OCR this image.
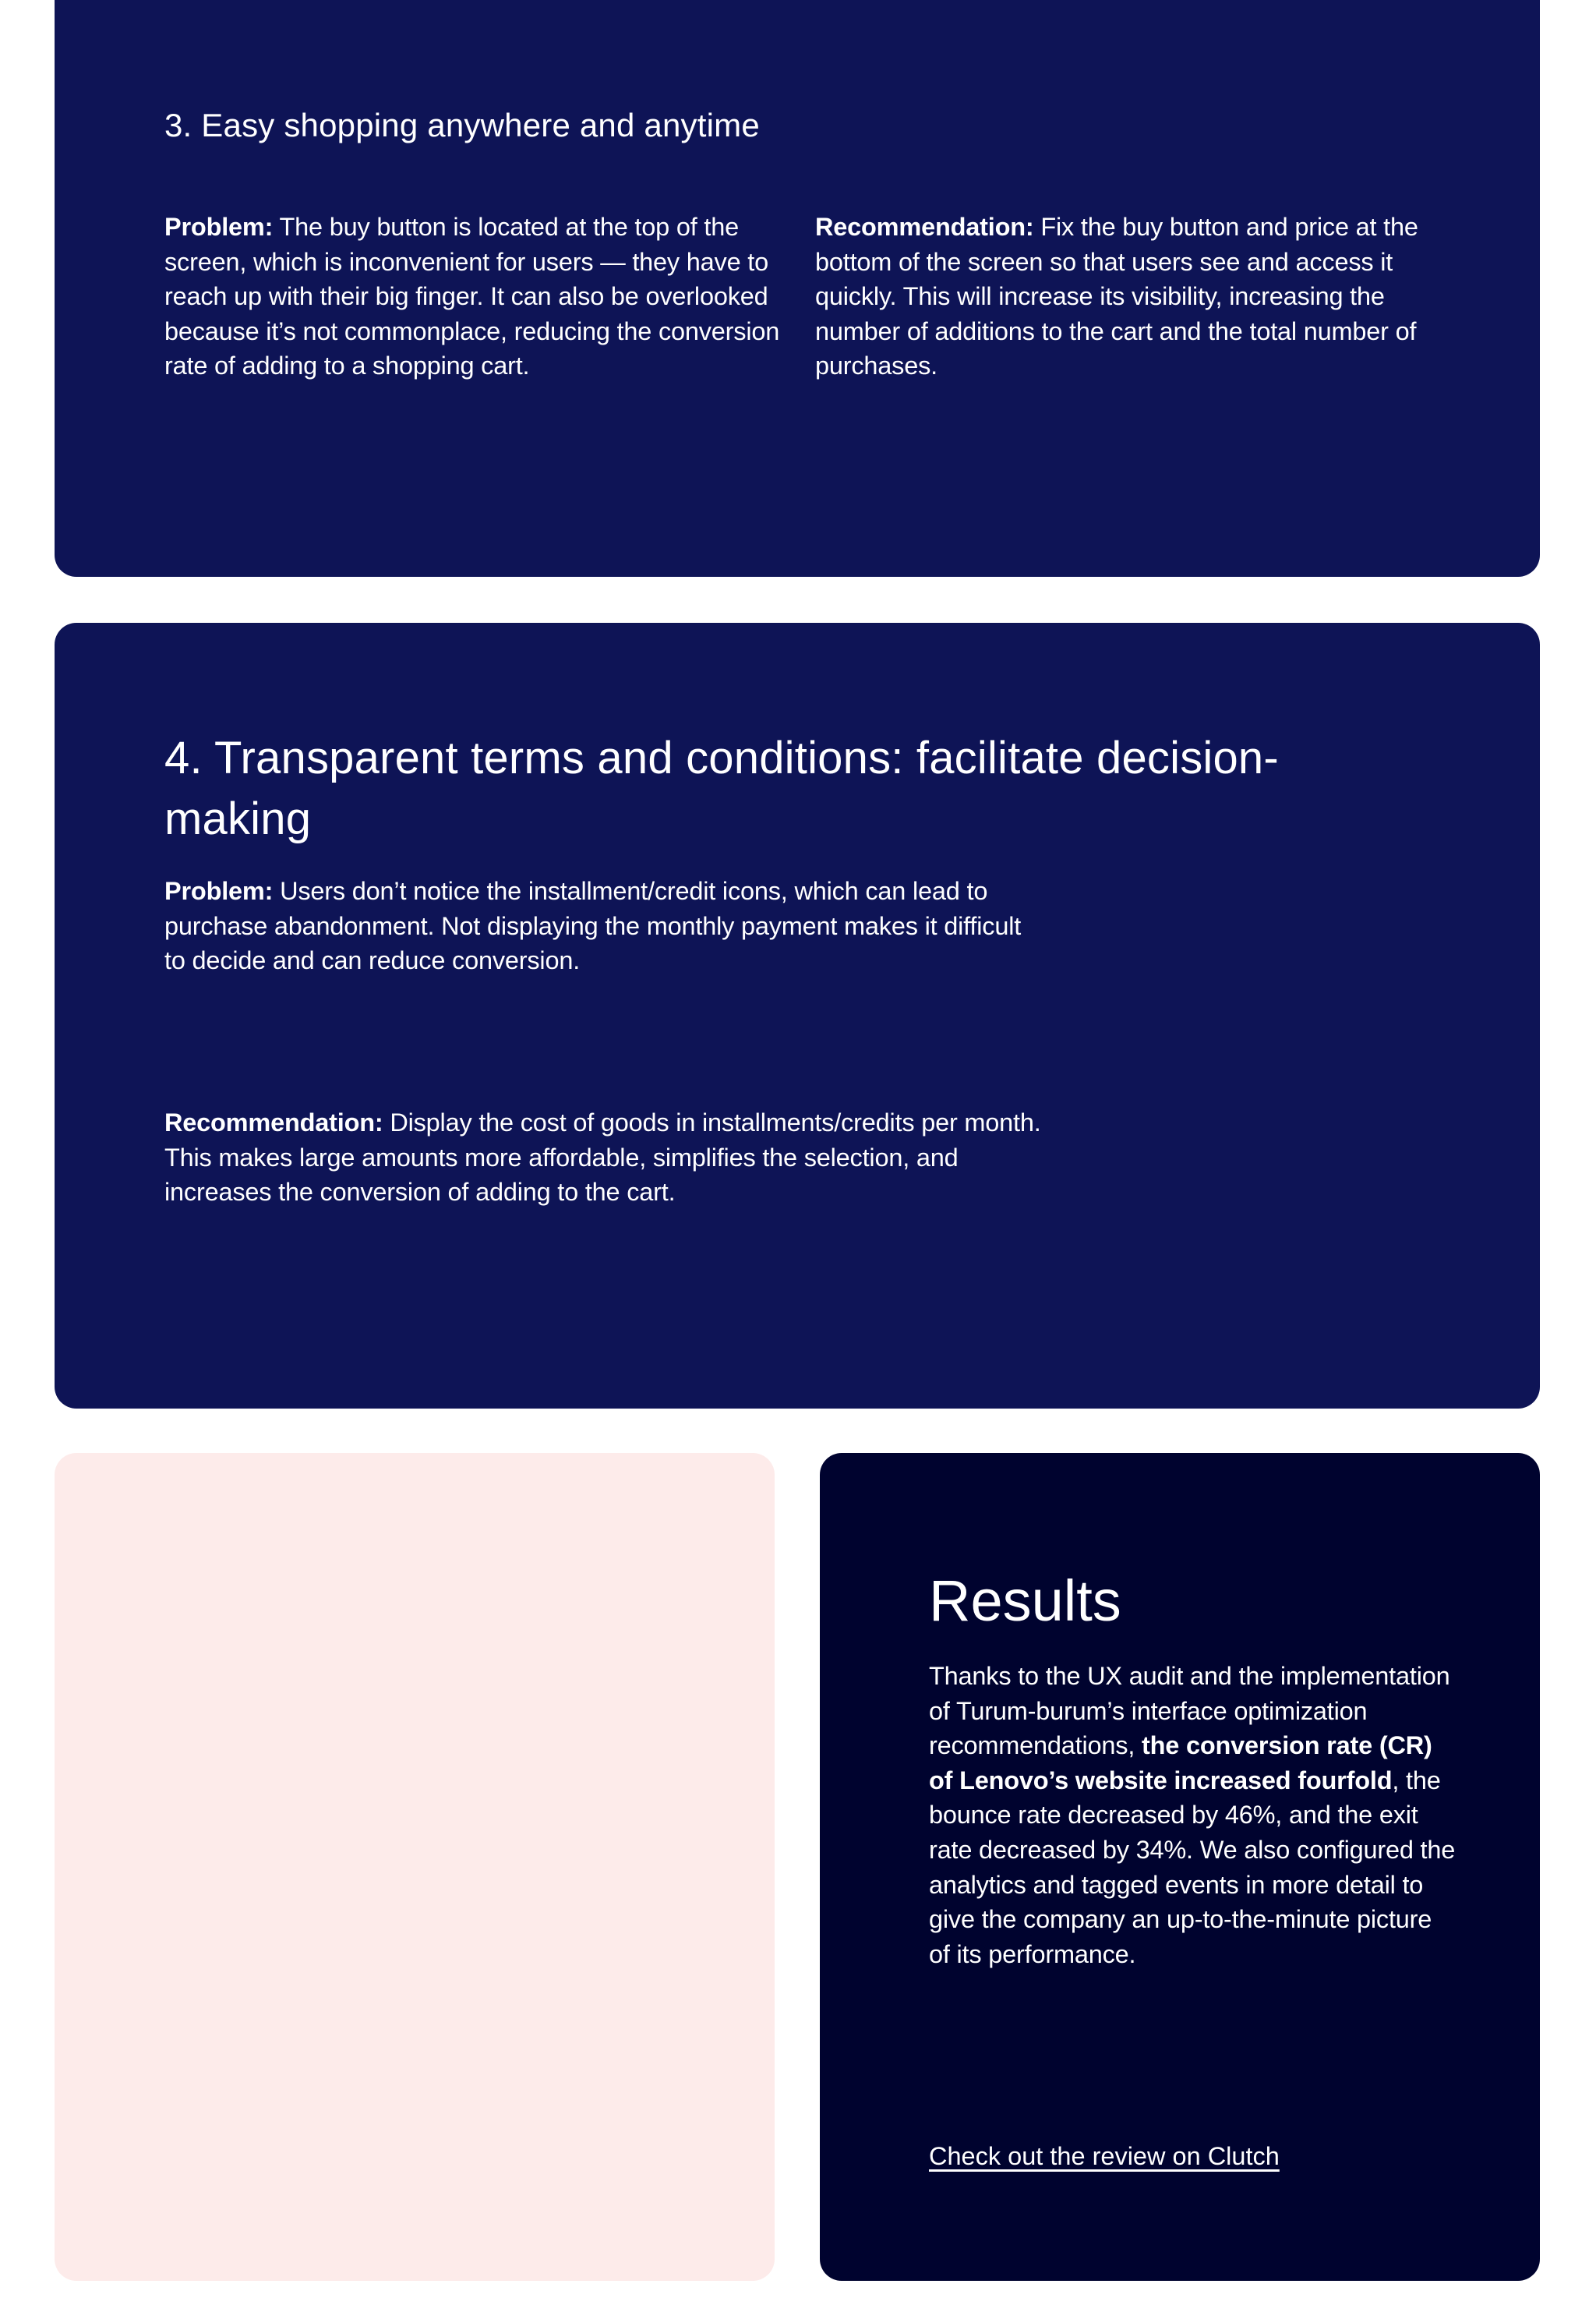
3. Easy shopping anywhere and anytime

Problem: The buy button is located at the top of the screen, which is inconvenient for users — they have to reach up with their big finger. It can also be overlooked because it’s not commonplace, reducing the conversion rate of adding to a shopping cart.

Recommendation: Fix the buy button and price at the bottom of the screen so that users see and access it quickly. This will increase its visibility, increasing the number of additions to the cart and the total number of purchases.

4. Transparent terms and conditions: facilitate decision-making

Problem: Users don’t notice the installment/credit icons, which can lead to purchase abandonment. Not displaying the monthly payment makes it difficult to decide and can reduce conversion.

Recommendation: Display the cost of goods in installments/credits per month. This makes large amounts more affordable, simplifies the selection, and increases the conversion of adding to the cart.

Results

Thanks to the UX audit and the implementation of Turum-burum’s interface optimization recommendations, the conversion rate (CR) of Lenovo’s website increased fourfold, the bounce rate decreased by 46%, and the exit rate decreased by 34%. We also configured the analytics and tagged events in more detail to give the company an up-to-the-minute picture of its performance.

Check out the review on Clutch
